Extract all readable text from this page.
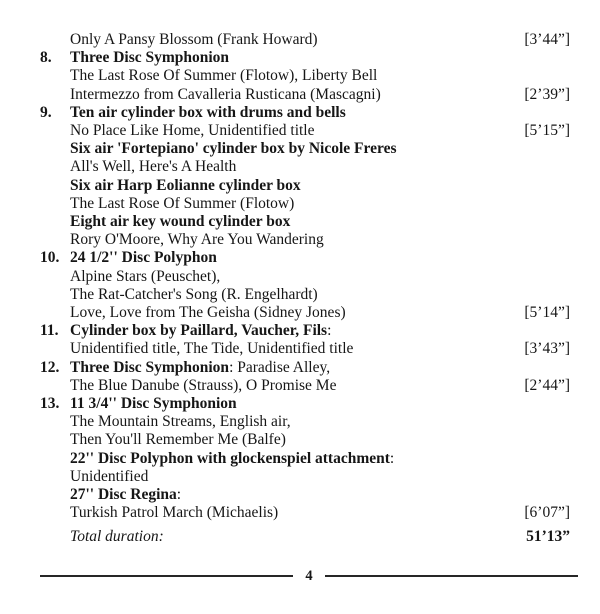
Only A Pansy Blossom (Frank Howard)	[3’44”]
8.	Three Disc Symphonion
The Last Rose Of Summer (Flotow), Liberty Bell
Intermezzo from Cavalleria Rusticana (Mascagni)	[2’39”]
9.	Ten air cylinder box with drums and bells
No Place Like Home, Unidentified title	[5’15”]
Six air 'Fortepiano' cylinder box by Nicole Freres
All's Well, Here's A Health
Six air Harp Eolianne cylinder box
The Last Rose Of Summer (Flotow)
Eight air key wound cylinder box
Rory O'Moore, Why Are You Wandering
10. 24 1/2'' Disc Polyphon
Alpine Stars (Peuschet),
The Rat-Catcher's Song (R. Engelhardt)
Love, Love from The Geisha (Sidney Jones)	[5’14”]
11. Cylinder box by Paillard, Vaucher, Fils:
Unidentified title, The Tide, Unidentified title	[3’43”]
12. Three Disc Symphonion: Paradise Alley,
The Blue Danube (Strauss), O Promise Me	[2’44”]
13. 11 3/4'' Disc Symphonion
The Mountain Streams, English air,
Then You'll Remember Me (Balfe)
22'' Disc Polyphon with glockenspiel attachment:
Unidentified
27'' Disc Regina:
Turkish Patrol March (Michaelis)	[6’07”]
Total duration:	51’13”
4
